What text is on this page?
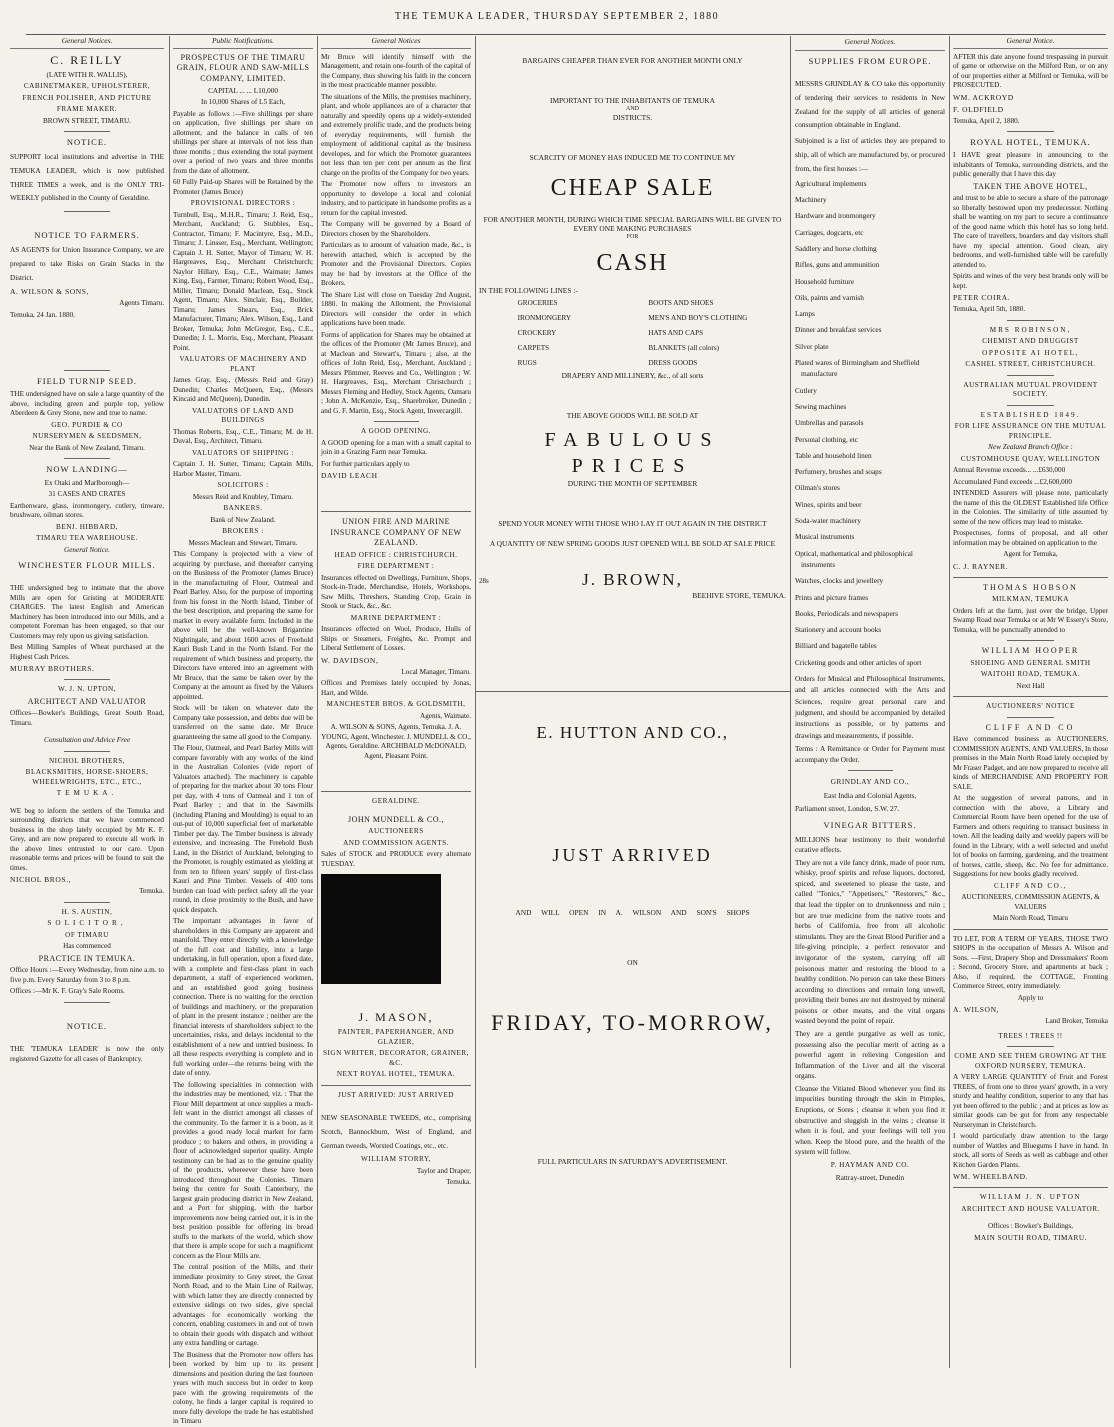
THE TEMUKA LEADER, THURSDAY SEPTEMBER 2, 1880
General Notices.
C. REILLY

(LATE WITH R. WALLIS),

CABINETMAKER, UPHOLSTERER,

FRENCH POLISHER, AND PICTURE

FRAME MAKER.

BROWN STREET, TIMARU.

NOTICE.

SUPPORT local institutions and advertise in THE TEMUKA LEADER, which is now published THREE TIMES a week, and is the ONLY TRI-WEEKLY published in the County of Geraldine.

NOTICE TO FARMERS.

AS AGENTS for Union Insurance Company, we are prepared to take Risks on Grain Stacks in the District.

A. WILSON & SONS,

Agents Timaru.

Temuka, 24 Jan. 1880.

FIELD TURNIP SEED.

THE undersigned have on sale a large quantity of the above, including green and purple top, yellow Aberdeen & Grey Stone, new and true to name.

GEO. PURDIE & CO

NURSERYMEN & SEEDSMEN,

Near the Bank of New Zealand, Timaru.

NOW LANDING—

Ex Otaki and Marlborough—

31 CASES AND CRATES

Earthenware, glass, ironmongery, cutlery, tinware, brushware, oilman stores.

BENJ. HIBBARD,

TIMARU TEA WAREHOUSE.

General Notice.

WINCHESTER FLOUR MILLS.

THE undersigned beg to intimate that the above Mills are open for Gristing at MODERATE CHARGES. The latest English and American Machinery has been introduced into our Mills, and a competent Foreman has been engaged, so that our Customers may rely upon us giving satisfaction.

Best Milling Samples of Wheat purchased at the Highest Cash Prices.

MURRAY BROTHERS.

W. J. N. UPTON,

ARCHITECT AND VALUATOR

Offices—Bowker's Buildings, Great South Road, Timaru.

Consultation and Advice Free

NICHOL BROTHERS,

BLACKSMITHS, HORSE-SHOERS, WHEELWRIGHTS, ETC., ETC.,

TEMUKA.

WE beg to inform the settlers of the Temuka and surrounding districts that we have commenced business in the shop lately occupied by Mr K. F. Grey, and are now prepared to execute all work in the above lines entrusted to our care. Upon reasonable terms and prices will be found to suit the times.

NICHOL BROS.,

Temuka.

H. S. AUSTIN,

SOLICITOR,

OF TIMARU

Has commenced

PRACTICE IN TEMUKA.

Office Hours :—Every Wednesday, from nine a.m. to five p.m. Every Saturday from 3 to 8 p.m.

Offices :—Mr K. F. Gray's Sale Rooms.

NOTICE.

THE 'TEMUKA LEADER' is now the only registered Gazette for all cases of Bankruptcy.

Public Notifications.

PROSPECTUS OF THE TIMARU GRAIN, FLOUR AND SAW-MILLS COMPANY, LIMITED.

CAPITAL ... ... L10,000

In 10,000 Shares of L5 Each,

Payable as follows :—Five shillings per share on application, five shillings per share on allotment, and the balance in calls of ten shillings per share at intervals of not less than three months ; thus extending the total payment over a period of two years and three months from the date of allotment.

60 Fully Paid-up Shares will be Retained by the Promoter (James Bruce)

PROVISIONAL DIRECTORS :

Turnbull, Esq., M.H.R., Timaru; J. Reid, Esq., Merchant, Auckland; G. Stubbles, Esq., Contractor, Timaru; F. Macintyre, Esq., M.D., Timaru; J. Linsser, Esq., Merchant, Wellington; Captain J. H. Sutter, Mayor of Timaru; W. H. Hargreaves, Esq., Merchant Christchurch; Naylor Hillary, Esq., C.E., Waimate; James King, Esq., Farmer, Timaru; Robert Wood, Esq., Miller, Timaru; Donald Maclean, Esq., Stock Agent, Timaru; Alex. Sinclair, Esq., Builder, Timaru; James Shears, Esq., Brick Manufacturer, Timaru; Alex. Wilson, Esq., Land Broker, Temuka; John McGregor, Esq., C.E., Dunedin; J. L. Morris, Esq., Merchant, Pleasant Point.

VALUATORS OF MACHINERY AND PLANT

James Gray, Esq., (Messrs Reid and Gray) Dunedin; Charles McQueen, Esq., (Messrs Kincaid and McQueen), Dunedin.

VALUATORS OF LAND AND BUILDINGS

Thomas Roberts, Esq., C.E., Timaru; M. de H. Duval, Esq., Architect, Timaru.

VALUATORS OF SHIPPING :

Captain J. H. Sutter, Timaru; Captain Mills, Harbor Master, Timaru.

SOLICITORS :

Messrs Reid and Knubley, Timaru.

BANKERS.

Bank of New Zealand.

BROKERS :

Messrs Maclean and Stewart, Timaru.

This Company is projected with a view of acquiring by purchase, and thereafter carrying on the Business of the Promoter (James Bruce) in the manufacturing of Flour, Oatmeal and Pearl Barley. Also, for the purpose of importing from his forest in the North Island, Timber of the best description, and preparing the same for market in every available form. Included in the above will be the well-known Brigantine Nightingale, and about 1600 acres of Freehold Kauri Bush Land in the North Island. For the requirement of which business and property, the Directors have entered into an agreement with Mr Bruce, that the same be taken over by the Company at the amount as fixed by the Valuers appointed.

Stock will be taken on whatever date the Company take possession, and debts due will be transferred on the same date. Mr Bruce guaranteeing the same all good to the Company.

The Flour, Oatmeal, and Pearl Barley Mills will compare favorably with any works of the kind in the Australian Colonies (vide report of Valuators attached). The machinery is capable of preparing for the market about 30 tons Flour per day, with 4 tons of Oatmeal and 1 ton of Pearl Barley ; and that in the Sawmills (including Planing and Moulding) is equal to an out-put of 10,000 superficial feet of marketable Timber per day. The Timber business is already extensive, and increasing. The Freehold Bush Land, in the District of Auckland, belonging to the Promoter, is roughly estimated as yielding at from ten to fifteen years' supply of first-class Kauri and Pine Timber. Vessels of 400 tons burden can load with perfect safety all the year round, in close proximity to the Bush, and have quick despatch.

The important advantages in favor of shareholders in this Company are apparent and manifold. They enter directly with a knowledge of the full cost and liability, into a large undertaking, in full operation, upon a fixed date, with a complete and first-class plant in each department, a staff of experienced workmen, and an established good going business connection. There is no waiting for the erection of buildings and machinery, or the preparation of plant in the present instance ; neither are the financial interests of shareholders subject to the uncertainties, risks, and delays incidental to the establishment of a new and untried business. In all these respects everything is complete and in full working order—the returns being with the date of entry.

The following specialities in connection with the industries may be mentioned, viz. : That the Flour Mill department at once supplies a much-felt want in the district amongst all classes of the community. To the farmer it is a boon, as it provides a good ready local market for farm produce ; to bakers and others, in providing a flour of acknowledged superior quality. Ample testimony can be had as to the genuine quality of the products, whereever these have been introduced throughout the Colonies. Timaru being the centre for South Canterbury, the largest grain producing district in New Zealand, and a Port for shipping, with the harbor improvements now being carried out, it is in the best position possible for offering its bread stuffs to the markets of the world, which show that there is ample scope for such a magnificent concern as the Flour Mills are.

The central position of the Mills, and their immediate proximity to Grey street, the Great North Road, and to the Main Line of Railway, with which latter they are directly connected by extensive sidings on two sides, give special advantages for economically working the concern, enabling customers in and out of town to obtain their goods with dispatch and without any extra handling or cartage.

The Business that the Promoter now offers has been worked by him up to its present dimensions and position during the last fourteen years with much success but in order to keep pace with the growing requirements of the colony, he finds a larger capital is required to more fully develope the trade he has established in Timaru

General Notices

Mr Bruce will identify himself with the Management, and retain one-fourth of the capital of the Company, thus showing his faith in the concern in the most practicable manner possible.

The situations of the Mills, the premises machinery, plant, and whole appliances are of a character that naturally and speedily opens up a widely-extended and extremely prolific trade, and the products being of everyday requirements, will furnish the employment of additional capital as the business developes, and for which the Promoter guarantees not less than ten per cent per annum as the first charge on the profits of the Company for two years.

The Promoter now offers to investors an opportunity to develope a local and colonial industry, and to participate in handsome profits as a return for the capital invested.

The Company will be governed by a Board of Directors chosen by the Shareholders.

Particulars as to amount of valuation made, &c., is herewith attached, which is accepted by the Promoter and the Provisional Directors. Copies may be had by investors at the Office of the Brokers.

The Share List will close on Tuesday 2nd August, 1880. In making the Allotment, the Provisional Directors will consider the order in which applications have been made.

Forms of application for Shares may be obtained at the offices of the Promoter (Mr James Bruce), and at Maclean and Stewart's, Timaru ; also, at the offices of John Reid, Esq., Merchant, Auckland ; Messrs Plimmer, Reeves and Co., Wellington ; W. H. Hargreaves, Esq., Merchant Christchurch ; Messrs Fleming and Hedley, Stock Agents, Oamaru ; John A. McKenzie, Esq., Sharebroker, Dunedin ; and G. F. Martin, Esq., Stock Agent, Invercargill.

A GOOD OPENING.

A GOOD opening for a man with a small capital to join in a Grazing Farm near Temuka.

For further particulars apply to

DAVID LEACH

UNION FIRE AND MARINE INSURANCE COMPANY OF NEW ZEALAND.

HEAD OFFICE : CHRISTCHURCH.

FIRE DEPARTMENT :

Insurances effected on Dwellings, Furniture, Shops, Stock-in-Trade, Merchandise, Hotels, Workshops, Saw Mills, Threshers, Standing Crop, Grain in Stook or Stack, &c., &c.

MARINE DEPARTMENT :

Insurances effected on Wool, Produce, Hulls of Ships or Steamers, Freights, &c. Prompt and Liberal Settlement of Losses.

W. DAVIDSON,

Local Manager, Timaru.

Offices and Premises lately occupied by Jonas, Hart, and Wilde.

MANCHESTER BROS. & GOLDSMITH,

Agents, Waimate.

A. WILSON & SONS, Agents, Temuka. J. A. YOUNG, Agent, Winchester. J. MUNDELL & CO., Agents, Geraldine. ARCHIBALD McDONALD, Agent, Pleasant Point.

GERALDINE.

JOHN MUNDELL & CO.,

AUCTIONEERS

AND COMMISSION AGENTS.

Sales of STOCK and PRODUCE every alternate TUESDAY.

J. MASON,

PAINTER, PAPERHANGER, AND GLAZIER,

SIGN WRITER, DECORATOR, GRAINER, &C.

NEXT ROYAL HOTEL, TEMUKA.

JUST ARRIVED: JUST ARRIVED

NEW SEASONABLE TWEEDS, etc., comprising Scotch, Bannockburn, West of England, and German tweeds, Worsted Coatings, etc., etc.

WILLIAM STORRY,

Taylor and Draper,

Temuka.

BARGAINS CHEAPER THAN EVER FOR ANOTHER MONTH ONLY

IMPORTANT TO THE INHABITANTS OF TEMUKA

AND

DISTRICTS.

SCARCITY OF MONEY HAS INDUCED ME TO CONTINUE MY

CHEAP SALE

FOR ANOTHER MONTH, DURING WHICH TIME SPECIAL BARGAINS WILL BE GIVEN TO EVERY ONE MAKING PURCHASES

FOR

CASH

IN THE FOLLOWING LINES :-

GROCERIES
IRONMONGERY
CROCKERY
CARPETS
RUGS
BOOTS AND SHOES
MEN'S AND BOY'S CLOTHING
HATS AND CAPS
BLANKETS (all colors)
DRESS GOODS

DRAPERY AND MILLINERY, &c., of all sorts

THE ABOVE GOODS WILL BE SOLD AT

FABULOUS PRICES

DURING THE MONTH OF SEPTEMBER

SPEND YOUR MONEY WITH THOSE WHO LAY IT OUT AGAIN IN THE DISTRICT

A QUANTITY OF NEW SPRING GOODS JUST OPENED WILL BE SOLD AT SALE PRICE

28s	J. BROWN,

BEEHIVE STORE, TEMUKA.

E. HUTTON AND CO.,

JUST ARRIVED

AND WILL OPEN IN A. WILSON AND SON'S SHOPS

ON

FRIDAY, TO-MORROW,

FULL PARTICULARS IN SATURDAY'S ADVERTISEMENT.

General Notices.
SUPPLIES FROM EUROPE.

MESSRS GRINDLAY & CO take this opportunity of tendering their services to residents in New Zealand for the supply of all articles of general consumption obtainable in England.

Subjoined is a list of articles they are prepared to ship, all of which are manufactured by, or procured from, the first houses :—

Agricultural implements
Machinery
Hardware and ironmongery
Carriages, dogcarts, etc
Saddlery and horse clothing
Rifles, guns and ammunition
Household furniture
Oils, paints and varnish
Lamps
Dinner and breakfast services
Silver plate
Plated wares of Birmingham and Sheffield manufacture
Cutlery
Sewing machines
Umbrellas and parasols
Personal clothing, etc
Table and household linen
Perfumery, brushes and soaps
Oilman's stores
Wines, spirits and beer
Soda-water machinery
Musical instruments
Optical, mathematical and philosophical instruments
Watches, clocks and jewellery
Prints and picture frames
Books, Periodicals and newspapers
Stationery and account books
Billiard and bagatelle tables
Cricketing goods and other articles of sport

Orders for Musical and Philosophical Instruments, and all articles connected with the Arts and Sciences, require great personal care and judgment, and should be accompanied by detailed instructions as possible, or by patterns and drawings and measurements, if possible.

Terms : A Remittance or Order for Payment must accompany the Order.

GRINDLAY AND CO.,

East India and Colonial Agents,

Parliament street, London, S.W. 27.

VINEGAR BITTERS.

MILLIONS bear testimony to their wonderful curative effects.

They are not a vile fancy drink, made of poor rum, whisky, proof spirits and refuse liquors, doctored, spiced, and sweetened to please the taste, and called "Tonics," "Appetisers," "Restorers," &c., that lead the tippler on to drunkenness and ruin ; but are true medicine from the native roots and herbs of California, free from all alcoholic stimulants. They are the Great Blood Purifier and a life-giving principle, a perfect renovator and invigorator of the system, carrying off all poisonous matter and restoring the blood to a healthy condition. No person can take these Bitters according to directions and remain long unwell, providing their bones are not destroyed by mineral poisons or other means, and the vital organs wasted beyond the point of repair.

They are a gentle purgative as well as tonic, possessing also the peculiar merit of acting as a powerful agent in relieving Congestion and Inflammation of the Liver and all the visceral organs.

Cleanse the Vitiated Blood whenever you find its impurities bursting through the skin in Pimples, Eruptions, or Sores ; cleanse it when you find it obstructive and sluggish in the veins ; cleanse it when it is foul, and your feelings will tell you when. Keep the blood pure, and the health of the system will follow.

P. HAYMAN AND CO.

Rattray-street, Dunedin

General Notice.

AFTER this date anyone found trespassing in pursuit of game or otherwise on the Milford Run, or on any of our properties either at Milford or Temuka, will be PROSECUTED.

WM. ACKROYD

F. OLDFIELD

Temuka, April 2, 1880.

ROYAL HOTEL, TEMUKA.

I HAVE great pleasure in announcing to the inhabitants of Temuka, surrounding districts, and the public generally that I have this day

TAKEN THE ABOVE HOTEL,

and trust to be able to secure a share of the patronage so liberally bestowed upon my predecessor. Nothing shall be wanting on my part to secure a continuance of the good name which this hotel has so long held. The care of travellers, boarders and day visitors shall have my special attention. Good clean, airy bedrooms, and well-furnished table will be carefully attended to.

Spirits and wines of the very best brands only will be kept.

PETER COIRA.

Temuka, April 5th, 1880.

MRS ROBINSON,

CHEMIST AND DRUGGIST

OPPOSITE AI HOTEL,

CASHEL STREET, CHRISTCHURCH.

AUSTRALIAN MUTUAL PROVIDENT SOCIETY.

ESTABLISHED 1849.

FOR LIFE ASSURANCE ON THE MUTUAL PRINCIPLE.

New Zealand Branch Office :

CUSTOMHOUSE QUAY, WELLINGTON

Annual Revenue exceeds... ...£630,000

Accumulated Fund exceeds ...£2,600,000

INTENDED Assurers will please note, particularly the name of this the OLDEST Established life Office in the Colonies. The similarity of title assumed by some of the new offices may lead to mistake.

Prospectuses, forms of proposal, and all other information may be obtained on application to the

Agent for Temuka,

C. J. RAYNER.

THOMAS HOBSON

MILKMAN, TEMUKA

Orders left at the farm, just over the bridge, Upper Swamp Road near Temuka or at Mr W Essery's Store, Temuka, will be punctually attended to

WILLIAM HOOPER

SHOEING AND GENERAL SMITH

WAITOHI ROAD, TEMUKA.

Next Hall

AUCTIONEERS' NOTICE

CLIFF AND CO

Have commenced business as AUCTIONEERS, COMMISSION AGENTS, AND VALUERS, In those premises in the Main North Road lately occupied by Mr Fraser Padget, and are now prepared to receive all kinds of MERCHANDISE AND PROPERTY FOR SALE.

At the suggestion of several patrons, and in connection with the above, a Library and Commercial Room have been opened for the use of Farmers and others requiring to transact business in town. All the leading daily and weekly papers will be found in the Library, with a well selected and useful lot of books on farming, gardening, and the treatment of horses, cattle, sheep, &c. No fee for admittance. Suggestions for new books gladly received.

CLIFF AND CO.,

AUCTIONEERS, COMMISSION AGENTS, & VALUERS

Main North Road, Timaru

TO LET, FOR A TERM OF YEARS, THOSE TWO SHOPS in the occupation of Messrs A. Wilson and Sons. —First, Drapery Shop and Dressmakers' Room ; Second, Grocery Store, and apartments at back ; Also, if required, the COTTAGE, Fronting Commerce Street, entry immediately.

Apply to

A. WILSON,

Land Broker, Temuka

TREES ! TREES !!

COME AND SEE THEM GROWING AT THE OXFORD NURSERY, TEMUKA.

A VERY LARGE QUANTITY of Fruit and Forest TREES, of from one to three years' growth, in a very sturdy and healthy condition, superior to any that has yet been offered to the public ; and at prices as low as similar goods can be got for from any respectable Nurseryman in Christchurch.

I would particularly draw attention to the large number of Wattles and Bluegums I have in hand. In stock, all sorts of Seeds as well as cabbage and other Kitchen Garden Plants.

WM. WHEELBAND.

WILLIAM J. N. UPTON

ARCHITECT AND HOUSE VALUATOR.

Offices : Bowker's Buildings,

MAIN SOUTH ROAD, TIMARU.
